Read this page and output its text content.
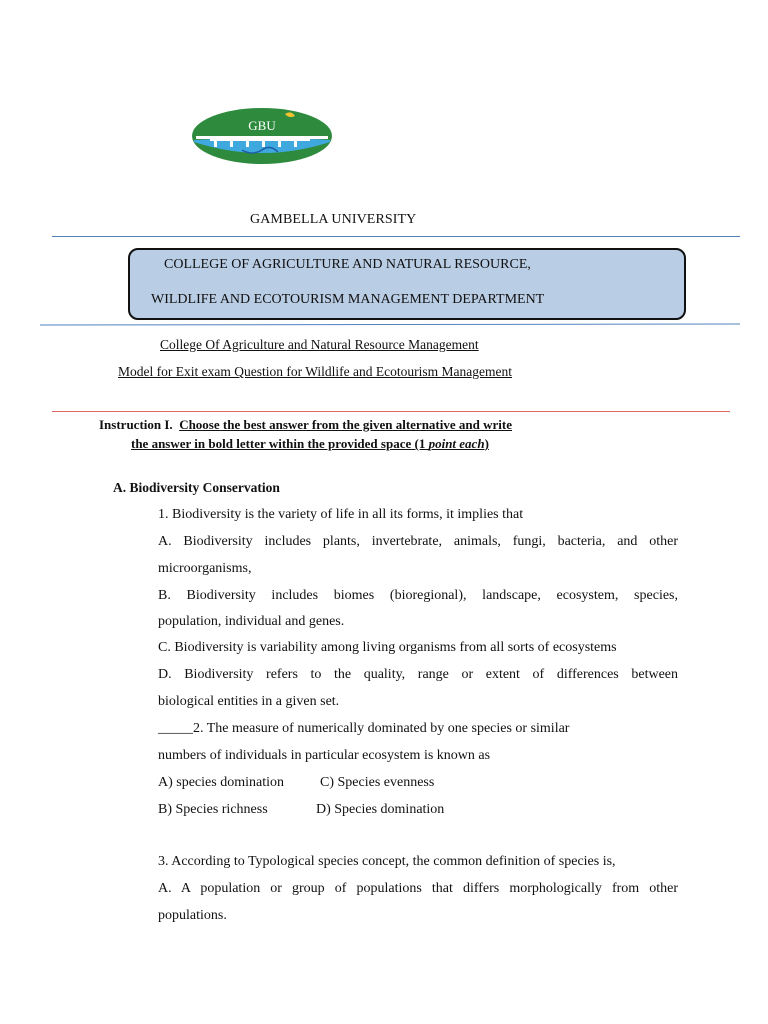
GBU
GAMBELLA UNIVERSITY
COLLEGE OF AGRICULTURE AND NATURAL RESOURCE,
WILDLIFE AND ECOTOURISM MANAGEMENT DEPARTMENT
College Of Agriculture and Natural Resource Management
Model for Exit exam Question for Wildlife and Ecotourism Management
Instruction I. Choose the best answer from the given alternative and write
the answer in bold letter within the provided space (1 point each)
A. Biodiversity Conservation
1. Biodiversity is the variety of life in all its forms, it implies that
A. Biodiversity includes plants, invertebrate, animals, fungi, bacteria, and other
microorganisms,
B. Biodiversity includes biomes (bioregional), landscape, ecosystem, species,
population, individual and genes.
C. Biodiversity is variability among living organisms from all sorts of ecosystems
D. Biodiversity refers to the quality, range or extent of differences between
biological entities in a given set.
_____2. The measure of numerically dominated by one species or similar
numbers of individuals in particular ecosystem is known as
A) species domination	C) Species evenness
B) Species richness	D) Species domination
3. According to Typological species concept, the common definition of species is,
A. A population or group of populations that differs morphologically from other
populations.
